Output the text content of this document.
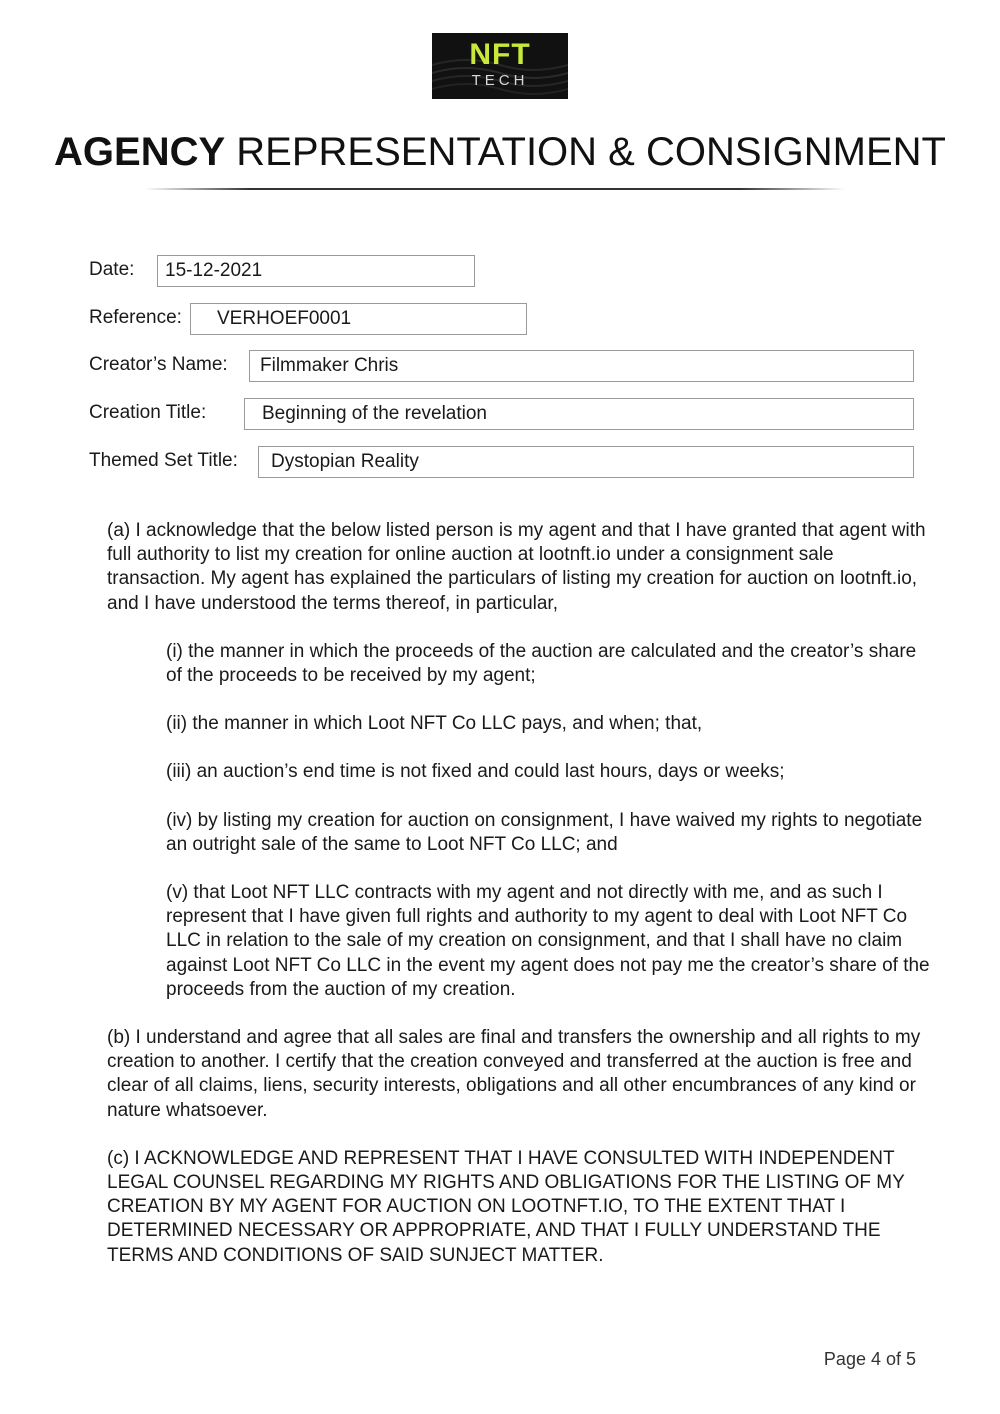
NFT
TECH
AGENCY REPRESENTATION & CONSIGNMENT
Date:	15-12-2021
Reference:	VERHOEF0001
Creator’s Name:	Filmmaker Chris
Creation Title:	Beginning of the revelation
Themed Set Title:	Dystopian Reality

(a) I acknowledge that the below listed person is my agent and that I have granted that agent with full authority to list my creation for online auction at lootnft.io under a consignment sale transaction. My agent has explained the particulars of listing my creation for auction on lootnft.io, and I have understood the terms thereof, in particular,

(i) the manner in which the proceeds of the auction are calculated and the creator’s share of the proceeds to be received by my agent;

(ii) the manner in which Loot NFT Co LLC pays, and when; that,

(iii) an auction’s end time is not fixed and could last hours, days or weeks;

(iv) by listing my creation for auction on consignment, I have waived my rights to negotiate an outright sale of the same to Loot NFT Co LLC; and

(v) that Loot NFT LLC contracts with my agent and not directly with me, and as such I represent that I have given full rights and authority to my agent to deal with Loot NFT Co LLC in relation to the sale of my creation on consignment, and that I shall have no claim against Loot NFT Co LLC in the event my agent does not pay me the creator’s share of the proceeds from the auction of my creation.

(b) I understand and agree that all sales are final and transfers the ownership and all rights to my creation to another. I certify that the creation conveyed and transferred at the auction is free and clear of all claims, liens, security interests, obligations and all other encumbrances of any kind or nature whatsoever.

(c) I ACKNOWLEDGE AND REPRESENT THAT I HAVE CONSULTED WITH INDEPENDENT LEGAL COUNSEL REGARDING MY RIGHTS AND OBLIGATIONS FOR THE LISTING OF MY CREATION BY MY AGENT FOR AUCTION ON LOOTNFT.IO, TO THE EXTENT THAT I DETERMINED NECESSARY OR APPROPRIATE, AND THAT I FULLY UNDERSTAND THE TERMS AND CONDITIONS OF SAID SUNJECT MATTER.

Page 4 of 5
